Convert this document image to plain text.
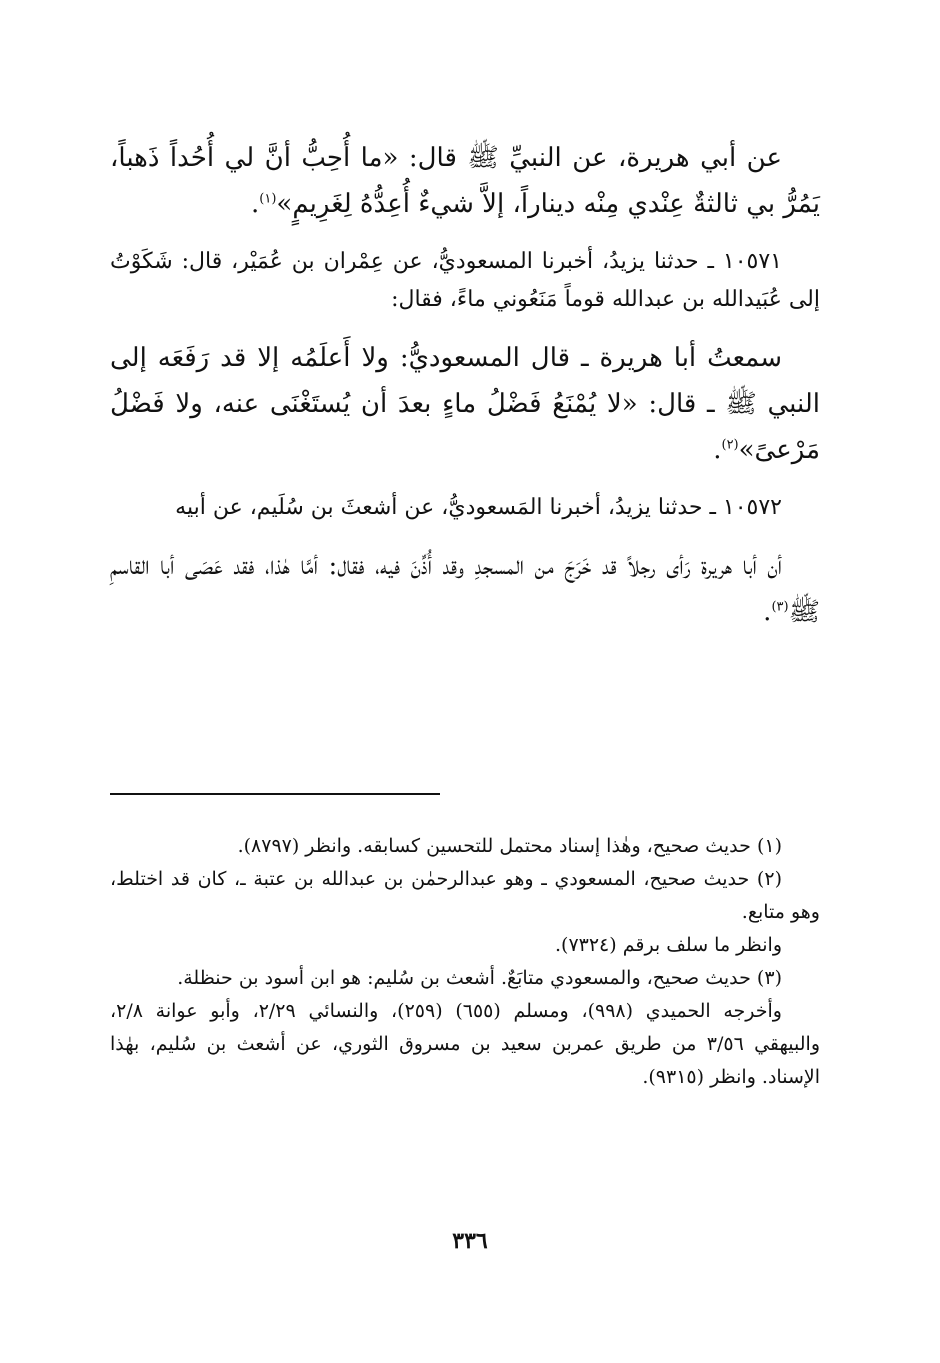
عن أبي هريرة، عن النبيِّ ﷺ قال: «ما أُحِبُّ أنَّ لي أُحُداً ذَهباً، يَمُرُّ بي ثالثةٌ عِنْدي مِنْه ديناراً، إلاَّ شيءٌ أُعِدُّهُ لِغَرِيمٍ»$^{(١)}$.

١٠٥٧١ ـ حدثنا يزيدُ، أخبرنا المسعوديُّ، عن عِمْران بن عُمَيْر، قال: شَكَوْتُ إلى عُبَيدالله بن عبدالله قوماً مَنَعُوني ماءً، فقال:

سمعتُ أبا هريرة ـ قال المسعوديُّ: ولا أَعلَمُه إلا قد رَفَعَه إلى النبي ﷺ ـ قال: «لا يُمْنَعُ فَضْلُ ماءٍ بعدَ أن يُستَغْنَى عنه، ولا فَضْلُ مَرْعىً»$^{(٢)}$.

١٠٥٧٢ ـ حدثنا يزيدُ، أخبرنا المَسعوديُّ، عن أشعثَ بن سُلَيم، عن أبيه

أن أبا هريرة رَأى رجلاً قد خَرَجَ من المسجدِ وقد أُذِّنَ فيه، فقال: أمَّا هٰذا، فقد عَصَى أبا القاسمِ ﷺ$^{(٣)}$.

(١) حديث صحيح، وهٰذا إسناد محتمل للتحسين كسابقه. وانظر (٨٧٩٧).

(٢) حديث صحيح، المسعودي ـ وهو عبدالرحمٰن بن عبدالله بن عتبة ـ، كان قد اختلط، وهو متابع.

وانظر ما سلف برقم (٧٣٢٤).

(٣) حديث صحيح، والمسعودي متابَعٌ. أشعث بن سُليم: هو ابن أسود بن حنظلة.

وأخرجه الحميدي (٩٩٨)، ومسلم (٦٥٥) (٢٥٩)، والنسائي ٢/٢٩، وأبو عوانة ٢/٨، والبيهقي ٣/٥٦ من طريق عمربن سعيد بن مسروق الثوري، عن أشعث بن سُليم، بهٰذا الإسناد. وانظر (٩٣١٥).

٣٣٦
